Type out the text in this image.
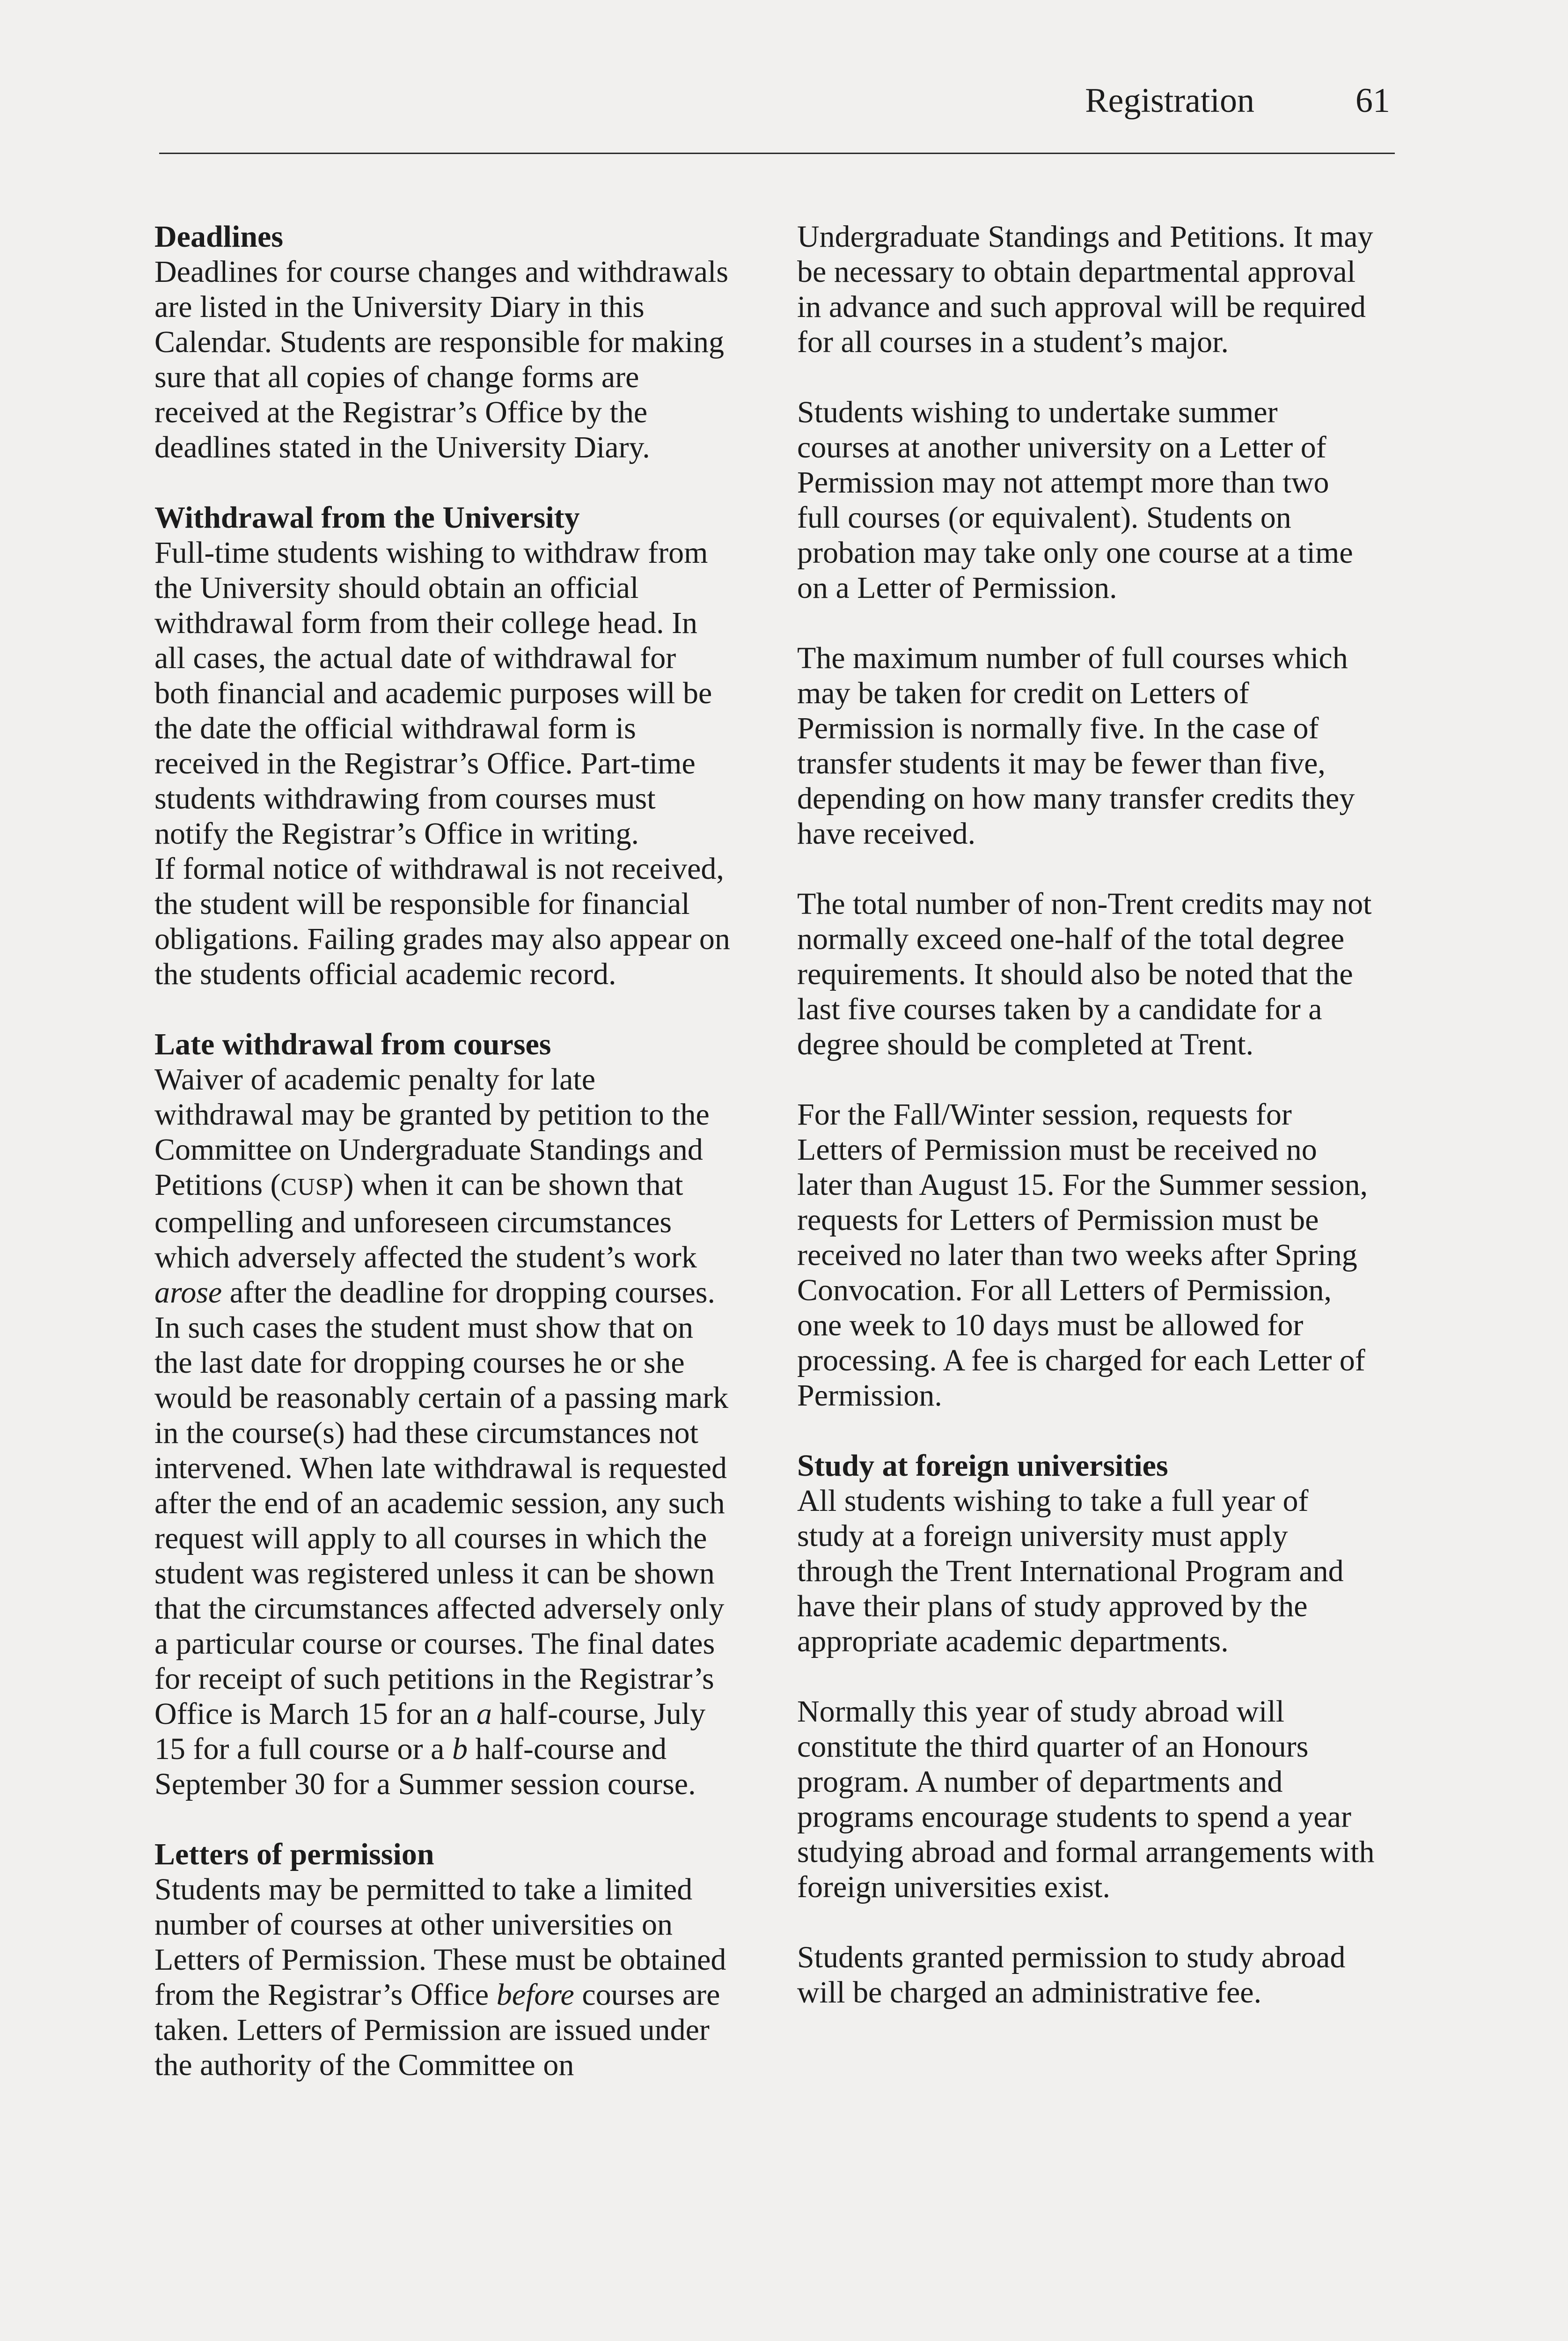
Registration	61
Deadlines

Deadlines for course changes and withdrawals are listed in the University Diary in this Calendar. Students are responsible for making sure that all copies of change forms are received at the Registrar’s Office by the deadlines stated in the University Diary.

Withdrawal from the University

Full-time students wishing to withdraw from the University should obtain an official withdrawal form from their college head. In all cases, the actual date of withdrawal for both financial and academic purposes will be the date the official withdrawal form is received in the Registrar’s Office. Part-time students withdrawing from courses must notify the Registrar’s Office in writing.

If formal notice of withdrawal is not received, the student will be responsible for financial obligations. Failing grades may also appear on the students official academic record.

Late withdrawal from courses

Waiver of academic penalty for late withdrawal may be granted by petition to the Committee on Undergraduate Standings and Petitions (CUSP) when it can be shown that compelling and unforeseen circumstances which adversely affected the student’s work arose after the deadline for dropping courses. In such cases the student must show that on the last date for dropping courses he or she would be reasonably certain of a passing mark in the course(s) had these circumstances not intervened. When late withdrawal is requested after the end of an academic session, any such request will apply to all courses in which the student was registered unless it can be shown that the circumstances affected adversely only a particular course or courses. The final dates for receipt of such petitions in the Registrar’s Office is March 15 for an a half-course, July 15 for a full course or a b half-course and September 30 for a Summer session course.

Letters of permission

Students may be permitted to take a limited number of courses at other universities on Letters of Permission. These must be obtained from the Registrar’s Office before courses are taken. Letters of Permission are issued under the authority of the Committee on

Undergraduate Standings and Petitions. It may be necessary to obtain departmental approval in advance and such approval will be required for all courses in a student’s major.

Students wishing to undertake summer courses at another university on a Letter of Permission may not attempt more than two full courses (or equivalent). Students on probation may take only one course at a time on a Letter of Permission.

The maximum number of full courses which may be taken for credit on Letters of Permission is normally five. In the case of transfer students it may be fewer than five, depending on how many transfer credits they have received.

The total number of non-Trent credits may not normally exceed one-half of the total degree requirements. It should also be noted that the last five courses taken by a candidate for a degree should be completed at Trent.

For the Fall/Winter session, requests for Letters of Permission must be received no later than August 15. For the Summer session, requests for Letters of Permission must be received no later than two weeks after Spring Convocation. For all Letters of Permission, one week to 10 days must be allowed for processing. A fee is charged for each Letter of Permission.

Study at foreign universities

All students wishing to take a full year of study at a foreign university must apply through the Trent International Program and have their plans of study approved by the appropriate academic departments.

Normally this year of study abroad will constitute the third quarter of an Honours program. A number of departments and programs encourage students to spend a year studying abroad and formal arrangements with foreign universities exist.

Students granted permission to study abroad will be charged an administrative fee.
